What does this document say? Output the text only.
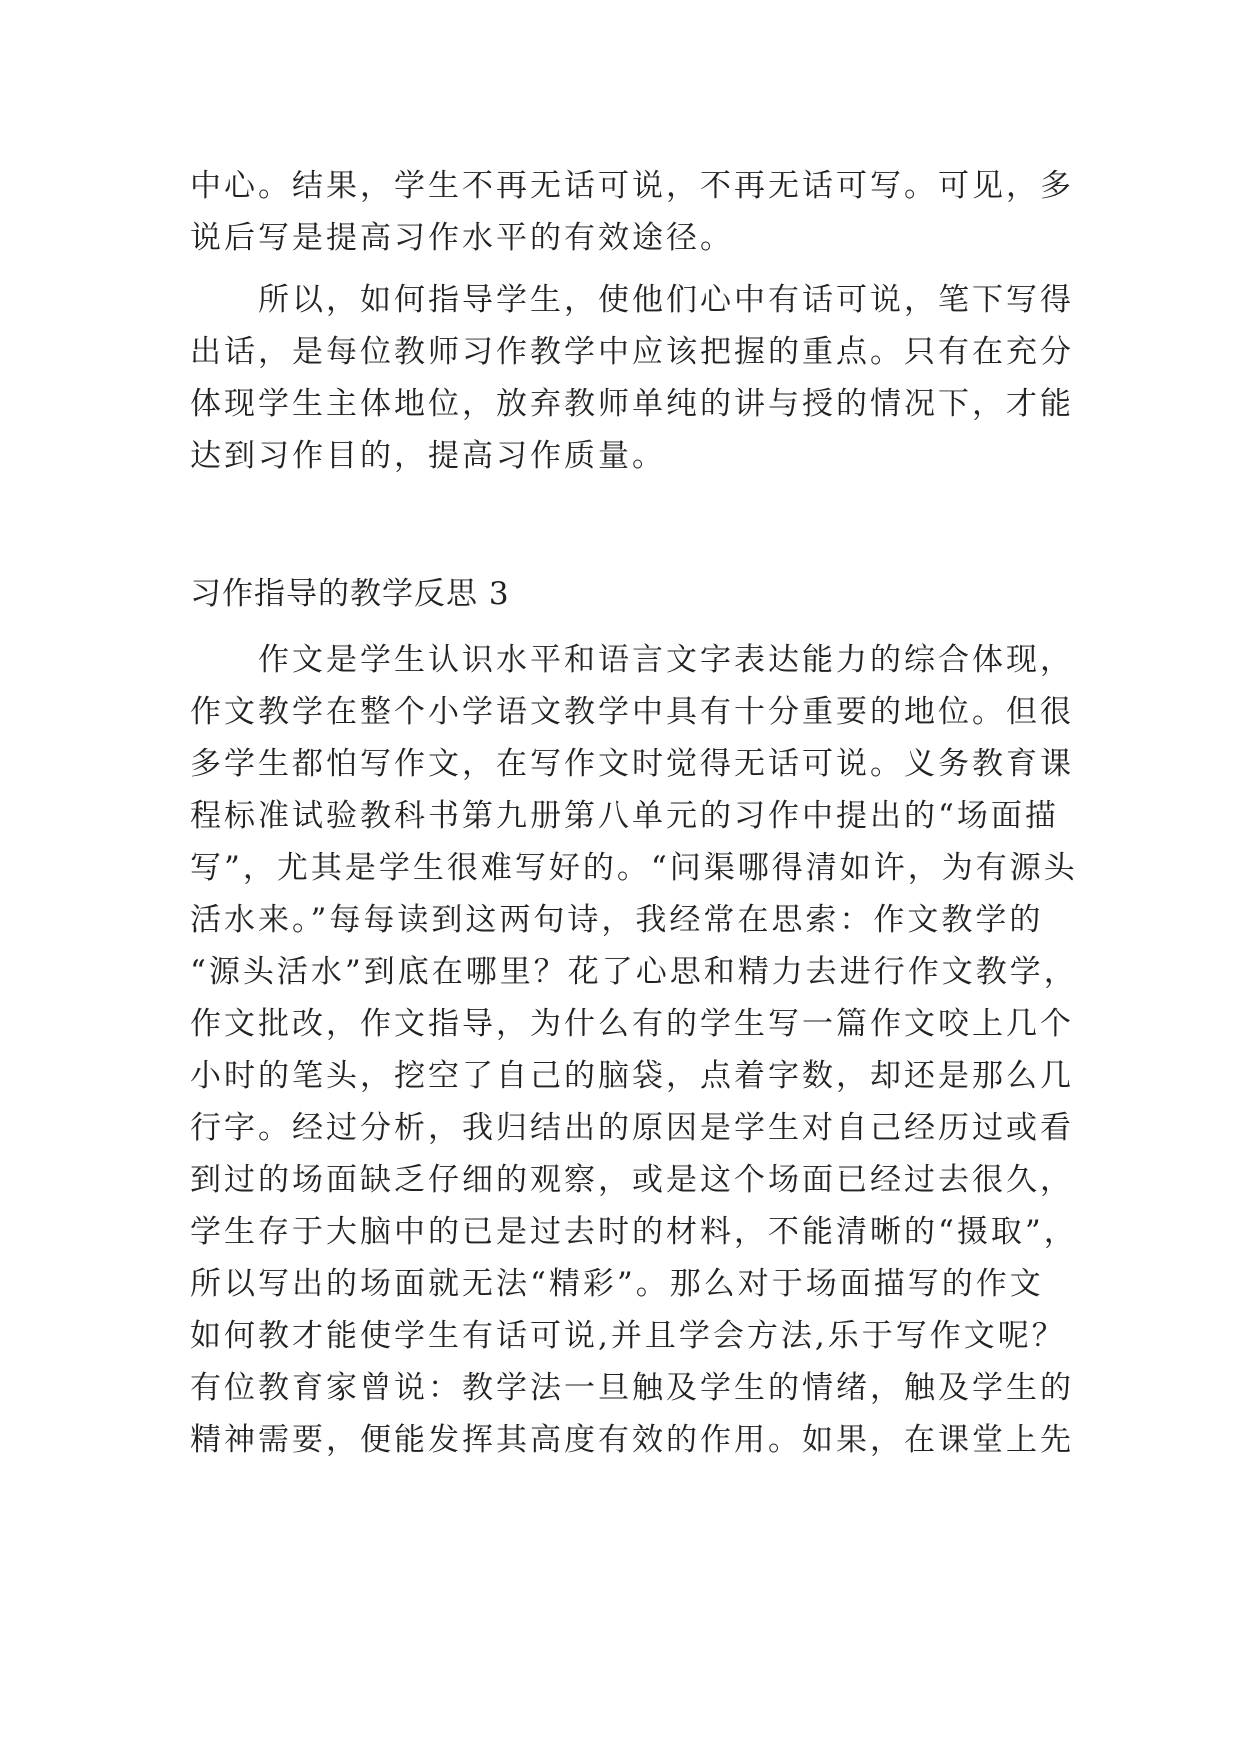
中心。结果，学生不再无话可说，不再无话可写。可见，多
说后写是提高习作水平的有效途径。
所以，如何指导学生，使他们心中有话可说，笔下写得
出话，是每位教师习作教学中应该把握的重点。只有在充分
体现学生主体地位，放弃教师单纯的讲与授的情况下，才能
达到习作目的，提高习作质量。
习作指导的教学反思 3
作文是学生认识水平和语言文字表达能力的综合体现，
作文教学在整个小学语文教学中具有十分重要的地位。但很
多学生都怕写作文，在写作文时觉得无话可说。义务教育课
程标准试验教科书第九册第八单元的习作中提出的“场面描
写”，尤其是学生很难写好的。“问渠哪得清如许，为有源头
活水来。”每每读到这两句诗，我经常在思索：作文教学的
“源头活水”到底在哪里？花了心思和精力去进行作文教学，
作文批改，作文指导，为什么有的学生写一篇作文咬上几个
小时的笔头，挖空了自己的脑袋，点着字数，却还是那么几
行字。经过分析，我归结出的原因是学生对自己经历过或看
到过的场面缺乏仔细的观察，或是这个场面已经过去很久，
学生存于大脑中的已是过去时的材料，不能清晰的“摄取”，
所以写出的场面就无法“精彩”。那么对于场面描写的作文
如何教才能使学生有话可说,并且学会方法,乐于写作文呢？
有位教育家曾说：教学法一旦触及学生的情绪，触及学生的
精神需要，便能发挥其高度有效的作用。如果，在课堂上先
